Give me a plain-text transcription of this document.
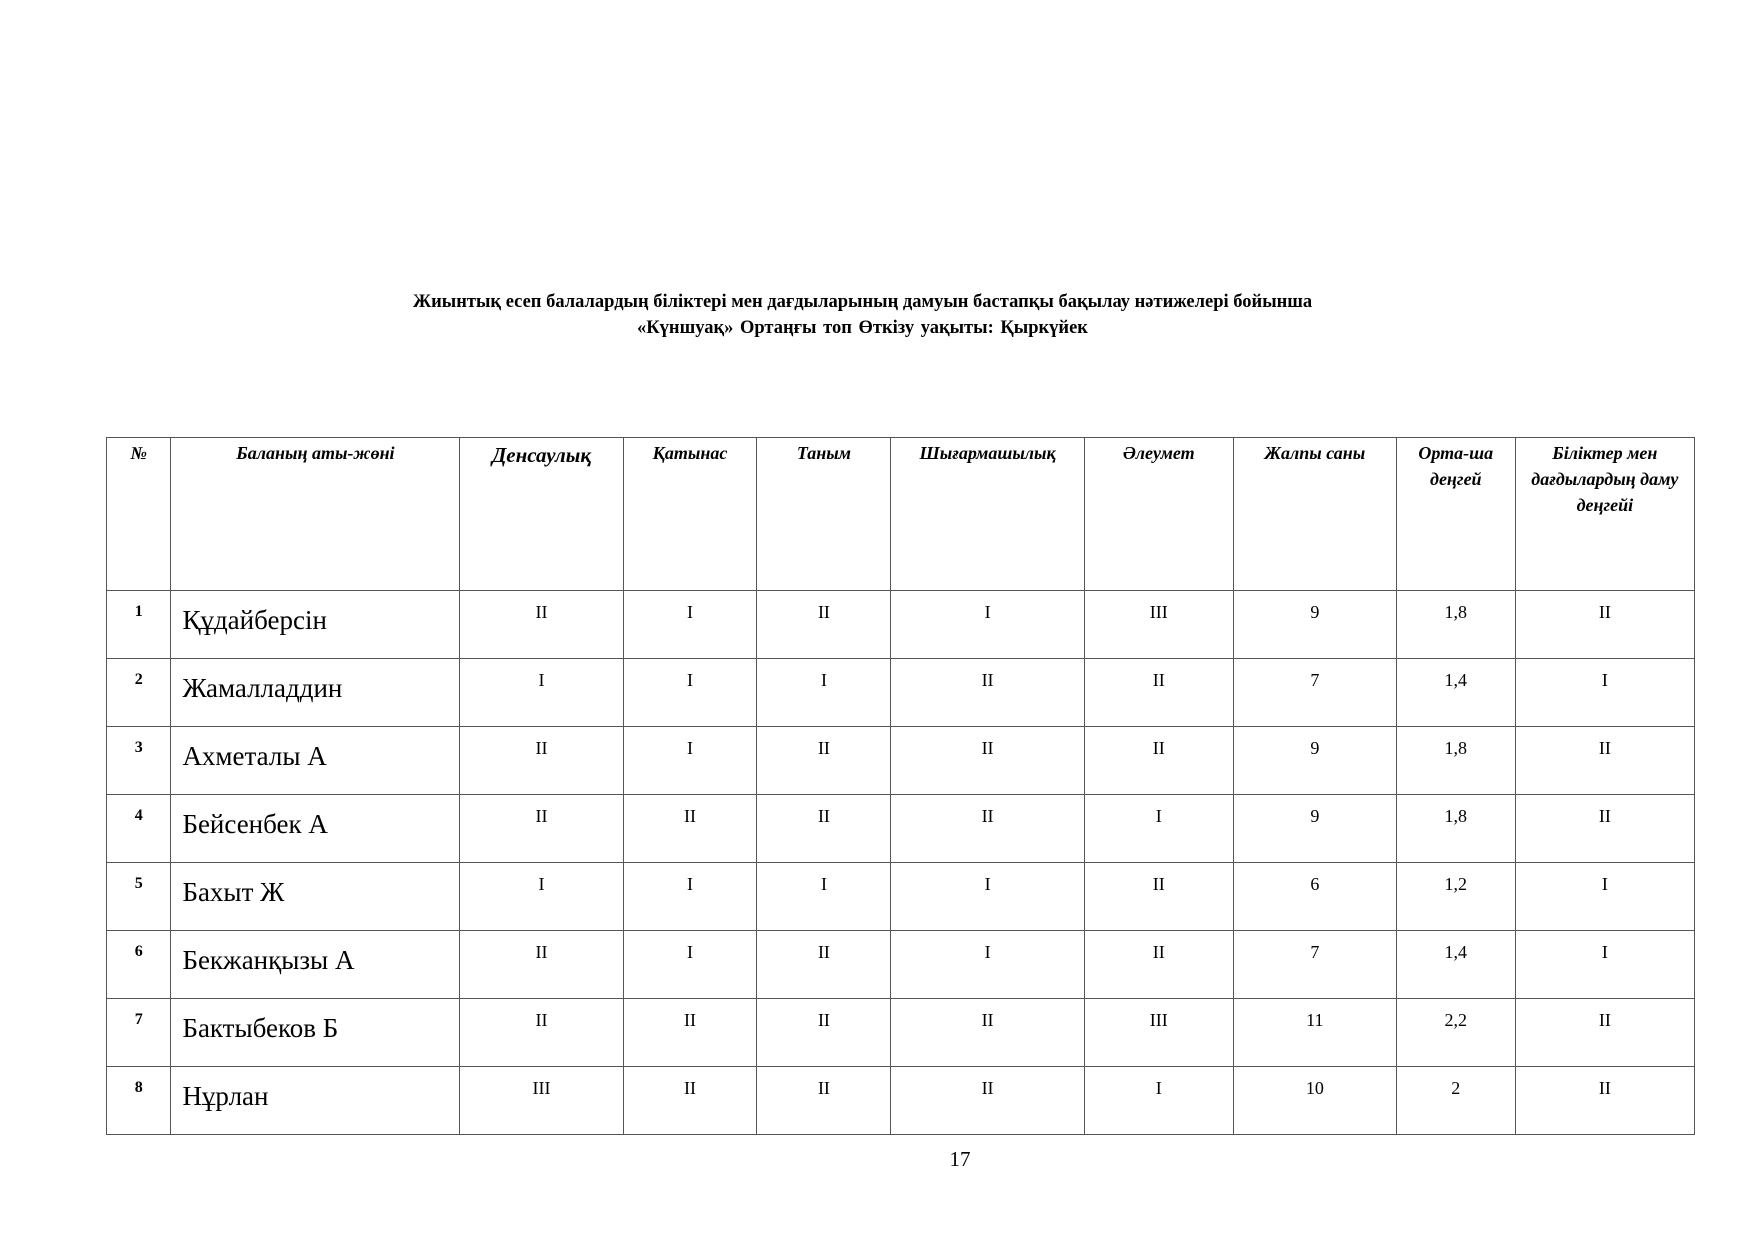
Жиынтық есеп балалардың біліктері мен дағдыларының дамуын бастапқы бақылау нәтижелері бойынша
«Күншуақ» Ортаңғы топ Өткізу уақыты: Қыркүйек
№	Баланың аты-жөні	Денсаулық	Қатынас	Таным	Шығармашылық	Әлеумет	Жалпы саны	Орта-ша деңгей	Біліктер мен дағдылардың даму деңгейі
1	Құдайберсін	II	I	II	I	III	9	1,8	II
2	Жамалладдин	I	I	I	II	II	7	1,4	I
3	Ахметалы А	II	I	II	II	II	9	1,8	II
4	Бейсенбек А	II	II	II	II	I	9	1,8	II
5	Бахыт Ж	I	I	I	I	II	6	1,2	I
6	Бекжанқызы А	II	I	II	I	II	7	1,4	I
7	Бактыбеков Б	II	II	II	II	III	11	2,2	II
8	Нұрлан	III	II	II	II	I	10	2	II
17
